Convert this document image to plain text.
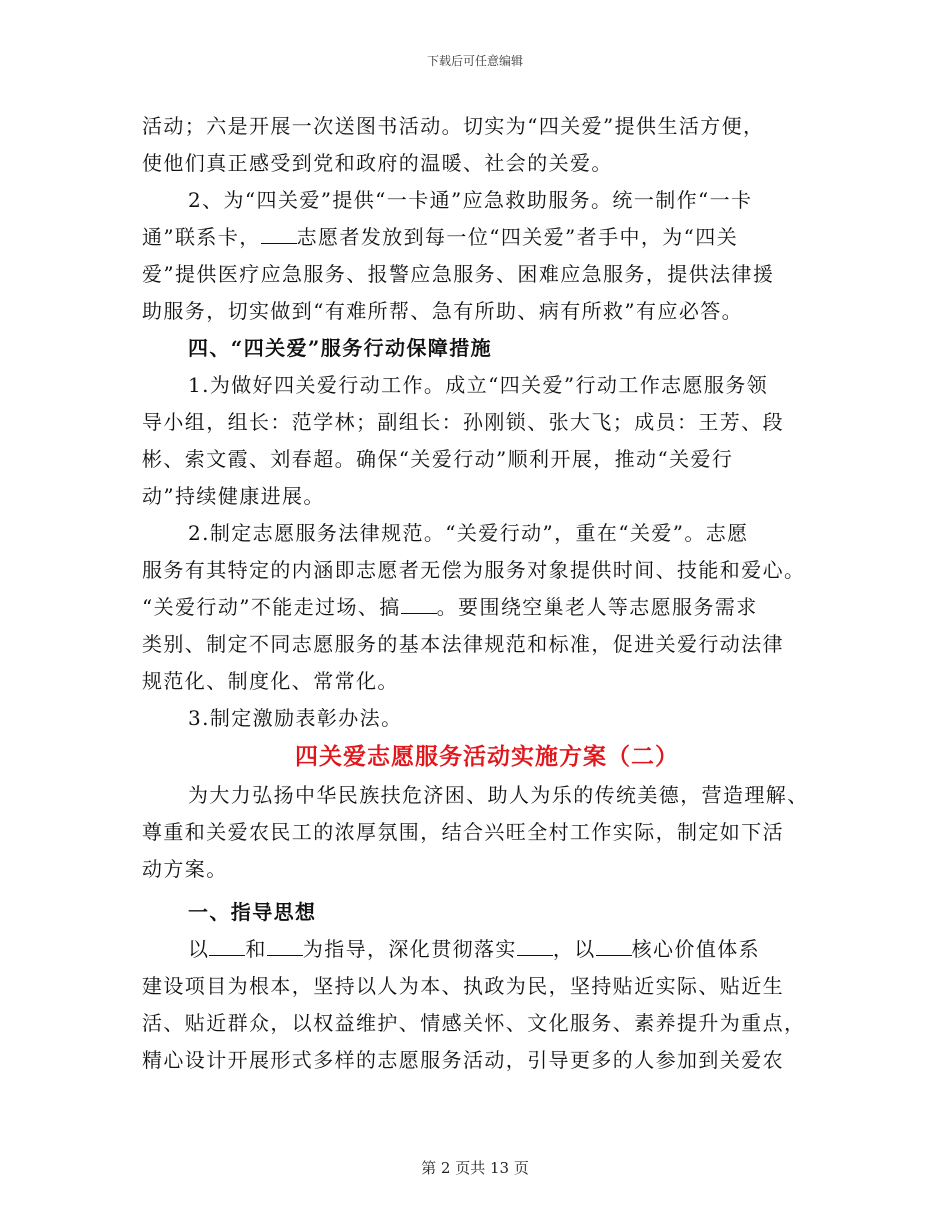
下载后可任意编辑
活动；六是开展一次送图书活动。切实为“四关爱”提供生活方便，
使他们真正感受到党和政府的温暖、社会的关爱。
2、为“四关爱”提供“一卡通”应急救助服务。统一制作“一卡
通”联系卡， 志愿者发放到每一位“四关爱”者手中，为“四关
爱”提供医疗应急服务、报警应急服务、困难应急服务，提供法律援
助服务，切实做到“有难所帮、急有所助、病有所救”有应必答。
四、“四关爱”服务行动保障措施
1.为做好四关爱行动工作。成立“四关爱”行动工作志愿服务领
导小组，组长：范学林；副组长：孙刚锁、张大飞；成员：王芳、段
彬、索文霞、刘春超。确保“关爱行动”顺利开展，推动“关爱行
动”持续健康进展。
2.制定志愿服务法律规范。“关爱行动”，重在“关爱”。志愿
服务有其特定的内涵即志愿者无偿为服务对象提供时间、技能和爱心。
“关爱行动”不能走过场、搞 。要围绕空巢老人等志愿服务需求
类别、制定不同志愿服务的基本法律规范和标准，促进关爱行动法律
规范化、制度化、常常化。
3.制定激励表彰办法。
四关爱志愿服务活动实施方案（二）
为大力弘扬中华民族扶危济困、助人为乐的传统美德，营造理解、
尊重和关爱农民工的浓厚氛围，结合兴旺全村工作实际，制定如下活
动方案。
一、指导思想
以 和 为指导，深化贯彻落实 ，以 核心价值体系
建设项目为根本，坚持以人为本、执政为民，坚持贴近实际、贴近生
活、贴近群众，以权益维护、情感关怀、文化服务、素养提升为重点，
精心设计开展形式多样的志愿服务活动，引导更多的人参加到关爱农
第 2 页共 13 页
